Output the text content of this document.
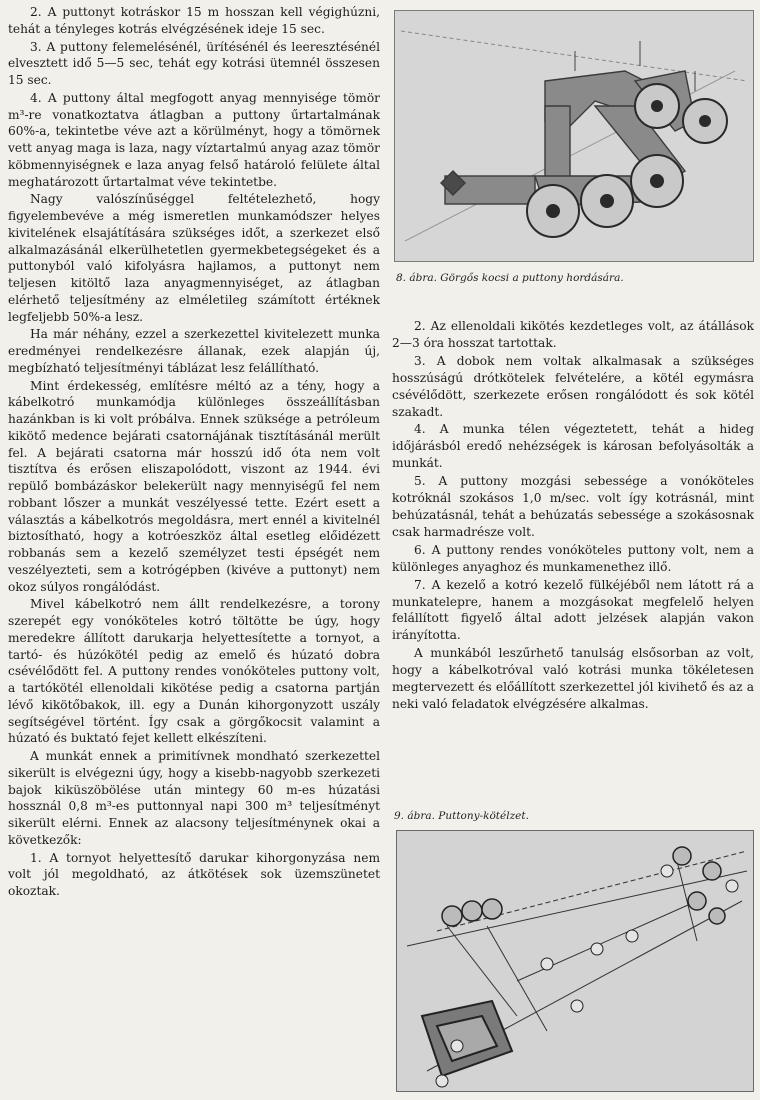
2. A puttonyt kotráskor 15 m hosszan kell végighúzni, tehát a tényleges kotrás elvégzésének ideje 15 sec.

3. A puttony felemelésénél, ürítésénél és leeresztésénél elvesztett idő 5—5 sec, tehát egy kotrási ütemnél összesen 15 sec.

4. A puttony által megfogott anyag mennyisége tömör m³-re vonatkoztatva átlagban a puttony űrtartalmának 60%-a, tekintetbe véve azt a körülményt, hogy a tömörnek vett anyag maga is laza, nagy víztartalmú anyag azaz tömör köbmennyiségnek e laza anyag felső határoló felülete által meghatározott űrtartalmat véve tekintetbe.

Nagy valószínűséggel feltételezhető, hogy figyelembevéve a még ismeretlen munkamódszer helyes kivitelének elsajátítására szükséges időt, a szerkezet első alkalmazásánál elkerülhetetlen gyermekbetegségeket és a puttonyból való kifolyásra hajlamos, a puttonyt nem teljesen kitöltő laza anyagmennyiséget, az átlagban elérhető teljesítmény az elméletileg számított értéknek legfeljebb 50%-a lesz.

Ha már néhány, ezzel a szerkezettel kivitelezett munka eredményei rendelkezésre állanak, ezek alapján új, megbízható teljesítményi táblázat lesz felállítható.

Mint érdekesség, említésre méltó az a tény, hogy a kábelkotró munkamódja különleges összeállításban hazánkban is ki volt próbálva. Ennek szüksége a petróleum kikötő medence bejárati csatornájának tisztításánál merült fel. A bejárati csatorna már hosszú idő óta nem volt tisztítva és erősen eliszapolódott, viszont az 1944. évi repülő bombázáskor belekerült nagy mennyiségű fel nem robbant lőszer a munkát veszélyessé tette. Ezért esett a választás a kábelkotrós megoldásra, mert ennél a kivitelnél biztosítható, hogy a kotróeszköz által esetleg előidézett robbanás sem a kezelő személyzet testi épségét nem veszélyezteti, sem a kotrógépben (kivéve a puttonyt) nem okoz súlyos rongálódást.

Mivel kábelkotró nem állt rendelkezésre, a torony szerepét egy vonóköteles kotró töltötte be úgy, hogy meredekre állított darukarja helyettesítette a tornyot, a tartó- és húzókötél pedig az emelő és húzató dobra csévélődött fel. A puttony rendes vonóköteles puttony volt, a tartókötél ellenoldali kikötése pedig a csatorna partján lévő kikötőbakok, ill. egy a Dunán kihorgonyzott uszály segítségével történt. Így csak a görgőkocsit valamint a húzató és buktató fejet kellett elkészíteni.

A munkát ennek a primitívnek mondható szerkezettel sikerült is elvégezni úgy, hogy a kisebb-nagyobb szerkezeti bajok kiküszöbölése után mintegy 60 m-es húzatási hossznál 0,8 m³-es puttonnyal napi 300 m³ teljesítményt sikerült elérni. Ennek az alacsony teljesítménynek okai a következők:

1. A tornyot helyettesítő darukar kihorgonyzása nem volt jól megoldható, az átkötések sok üzemszünetet okoztak.

8. ábra. Görgős kocsi a puttony hordására.

2. Az ellenoldali kikötés kezdetleges volt, az átállások 2—3 óra hosszat tartottak.

3. A dobok nem voltak alkalmasak a szükséges hosszúságú drótkötelek felvételére, a kötél egymásra csévélődött, szerkezete erősen rongálódott és sok kötél szakadt.

4. A munka télen végeztetett, tehát a hideg időjárásból eredő nehézségek is károsan befolyásolták a munkát.

5. A puttony mozgási sebessége a vonóköteles kotróknál szokásos 1,0 m/sec. volt így kotrásnál, mint behúzatásnál, tehát a behúzatás sebessége a szokásosnak csak harmadrésze volt.

6. A puttony rendes vonóköteles puttony volt, nem a különleges anyaghoz és munkamenethez illő.

7. A kezelő a kotró kezelő fülkéjéből nem látott rá a munkatelepre, hanem a mozgásokat megfelelő helyen felállított figyelő által adott jelzések alapján vakon irányította.

A munkából leszűrhető tanulság elsősorban az volt, hogy a kábelkotróval való kotrási munka tökéletesen megtervezett és előállított szerkezettel jól kivihető és az a neki való feladatok elvégzésére alkalmas.

9. ábra. Puttony-kötélzet.
